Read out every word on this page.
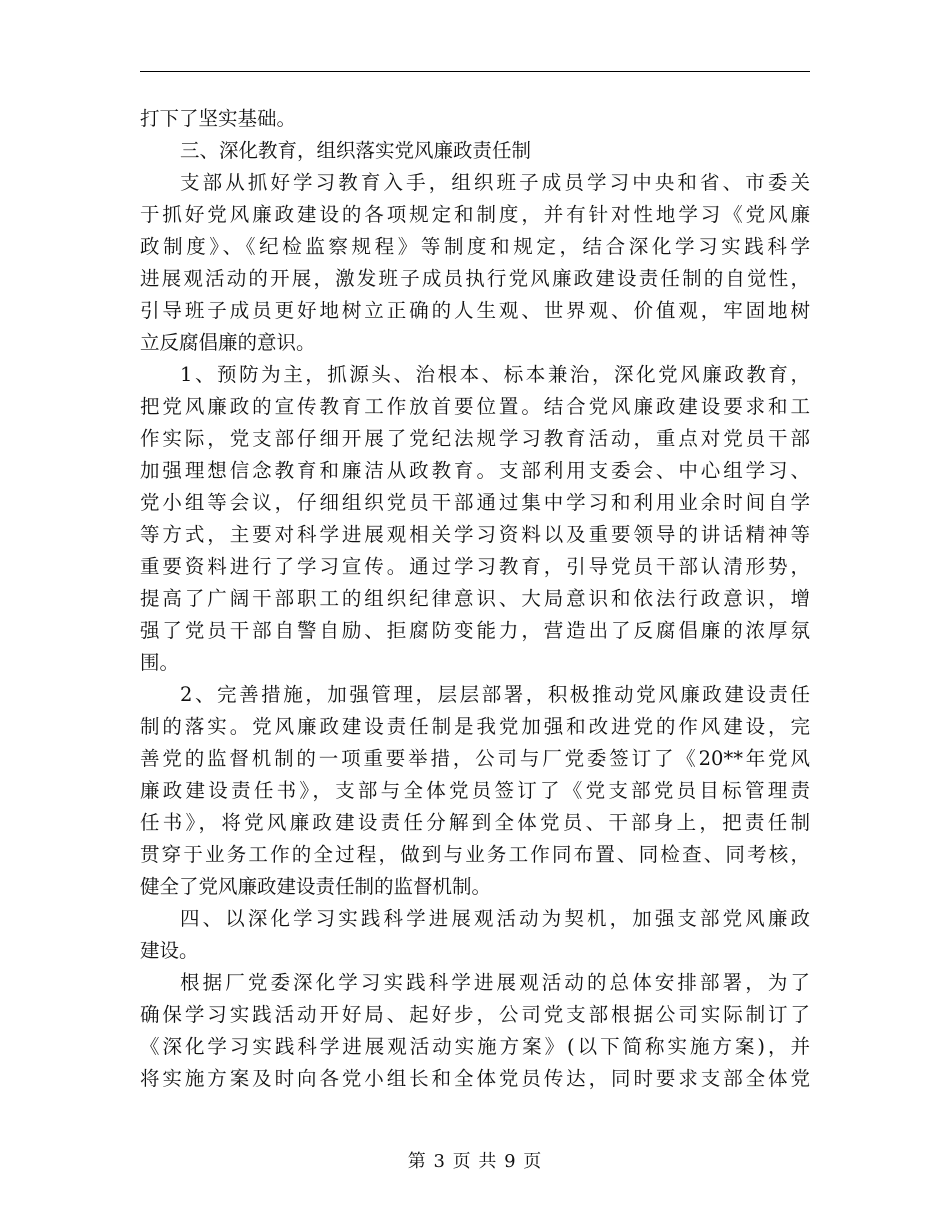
打下了坚实基础。
三、深化教育，组织落实党风廉政责任制
支部从抓好学习教育入手，组织班子成员学习中央和省、市委关
于抓好党风廉政建设的各项规定和制度，并有针对性地学习《党风廉
政制度》、《纪检监察规程》等制度和规定，结合深化学习实践科学
进展观活动的开展，激发班子成员执行党风廉政建设责任制的自觉性，
引导班子成员更好地树立正确的人生观、世界观、价值观，牢固地树
立反腐倡廉的意识。
1、预防为主，抓源头、治根本、标本兼治，深化党风廉政教育，
把党风廉政的宣传教育工作放首要位置。结合党风廉政建设要求和工
作实际，党支部仔细开展了党纪法规学习教育活动，重点对党员干部
加强理想信念教育和廉洁从政教育。支部利用支委会、中心组学习、
党小组等会议，仔细组织党员干部通过集中学习和利用业余时间自学
等方式，主要对科学进展观相关学习资料以及重要领导的讲话精神等
重要资料进行了学习宣传。通过学习教育，引导党员干部认清形势，
提高了广阔干部职工的组织纪律意识、大局意识和依法行政意识，增
强了党员干部自警自励、拒腐防变能力，营造出了反腐倡廉的浓厚氛
围。
2、完善措施，加强管理，层层部署，积极推动党风廉政建设责任
制的落实。党风廉政建设责任制是我党加强和改进党的作风建设，完
善党的监督机制的一项重要举措，公司与厂党委签订了《20**年党风
廉政建设责任书》，支部与全体党员签订了《党支部党员目标管理责
任书》，将党风廉政建设责任分解到全体党员、干部身上，把责任制
贯穿于业务工作的全过程，做到与业务工作同布置、同检查、同考核，
健全了党风廉政建设责任制的监督机制。
四、以深化学习实践科学进展观活动为契机，加强支部党风廉政
建设。
根据厂党委深化学习实践科学进展观活动的总体安排部署，为了
确保学习实践活动开好局、起好步，公司党支部根据公司实际制订了
《深化学习实践科学进展观活动实施方案》(以下简称实施方案)，并
将实施方案及时向各党小组长和全体党员传达，同时要求支部全体党
第 3 页 共 9 页
